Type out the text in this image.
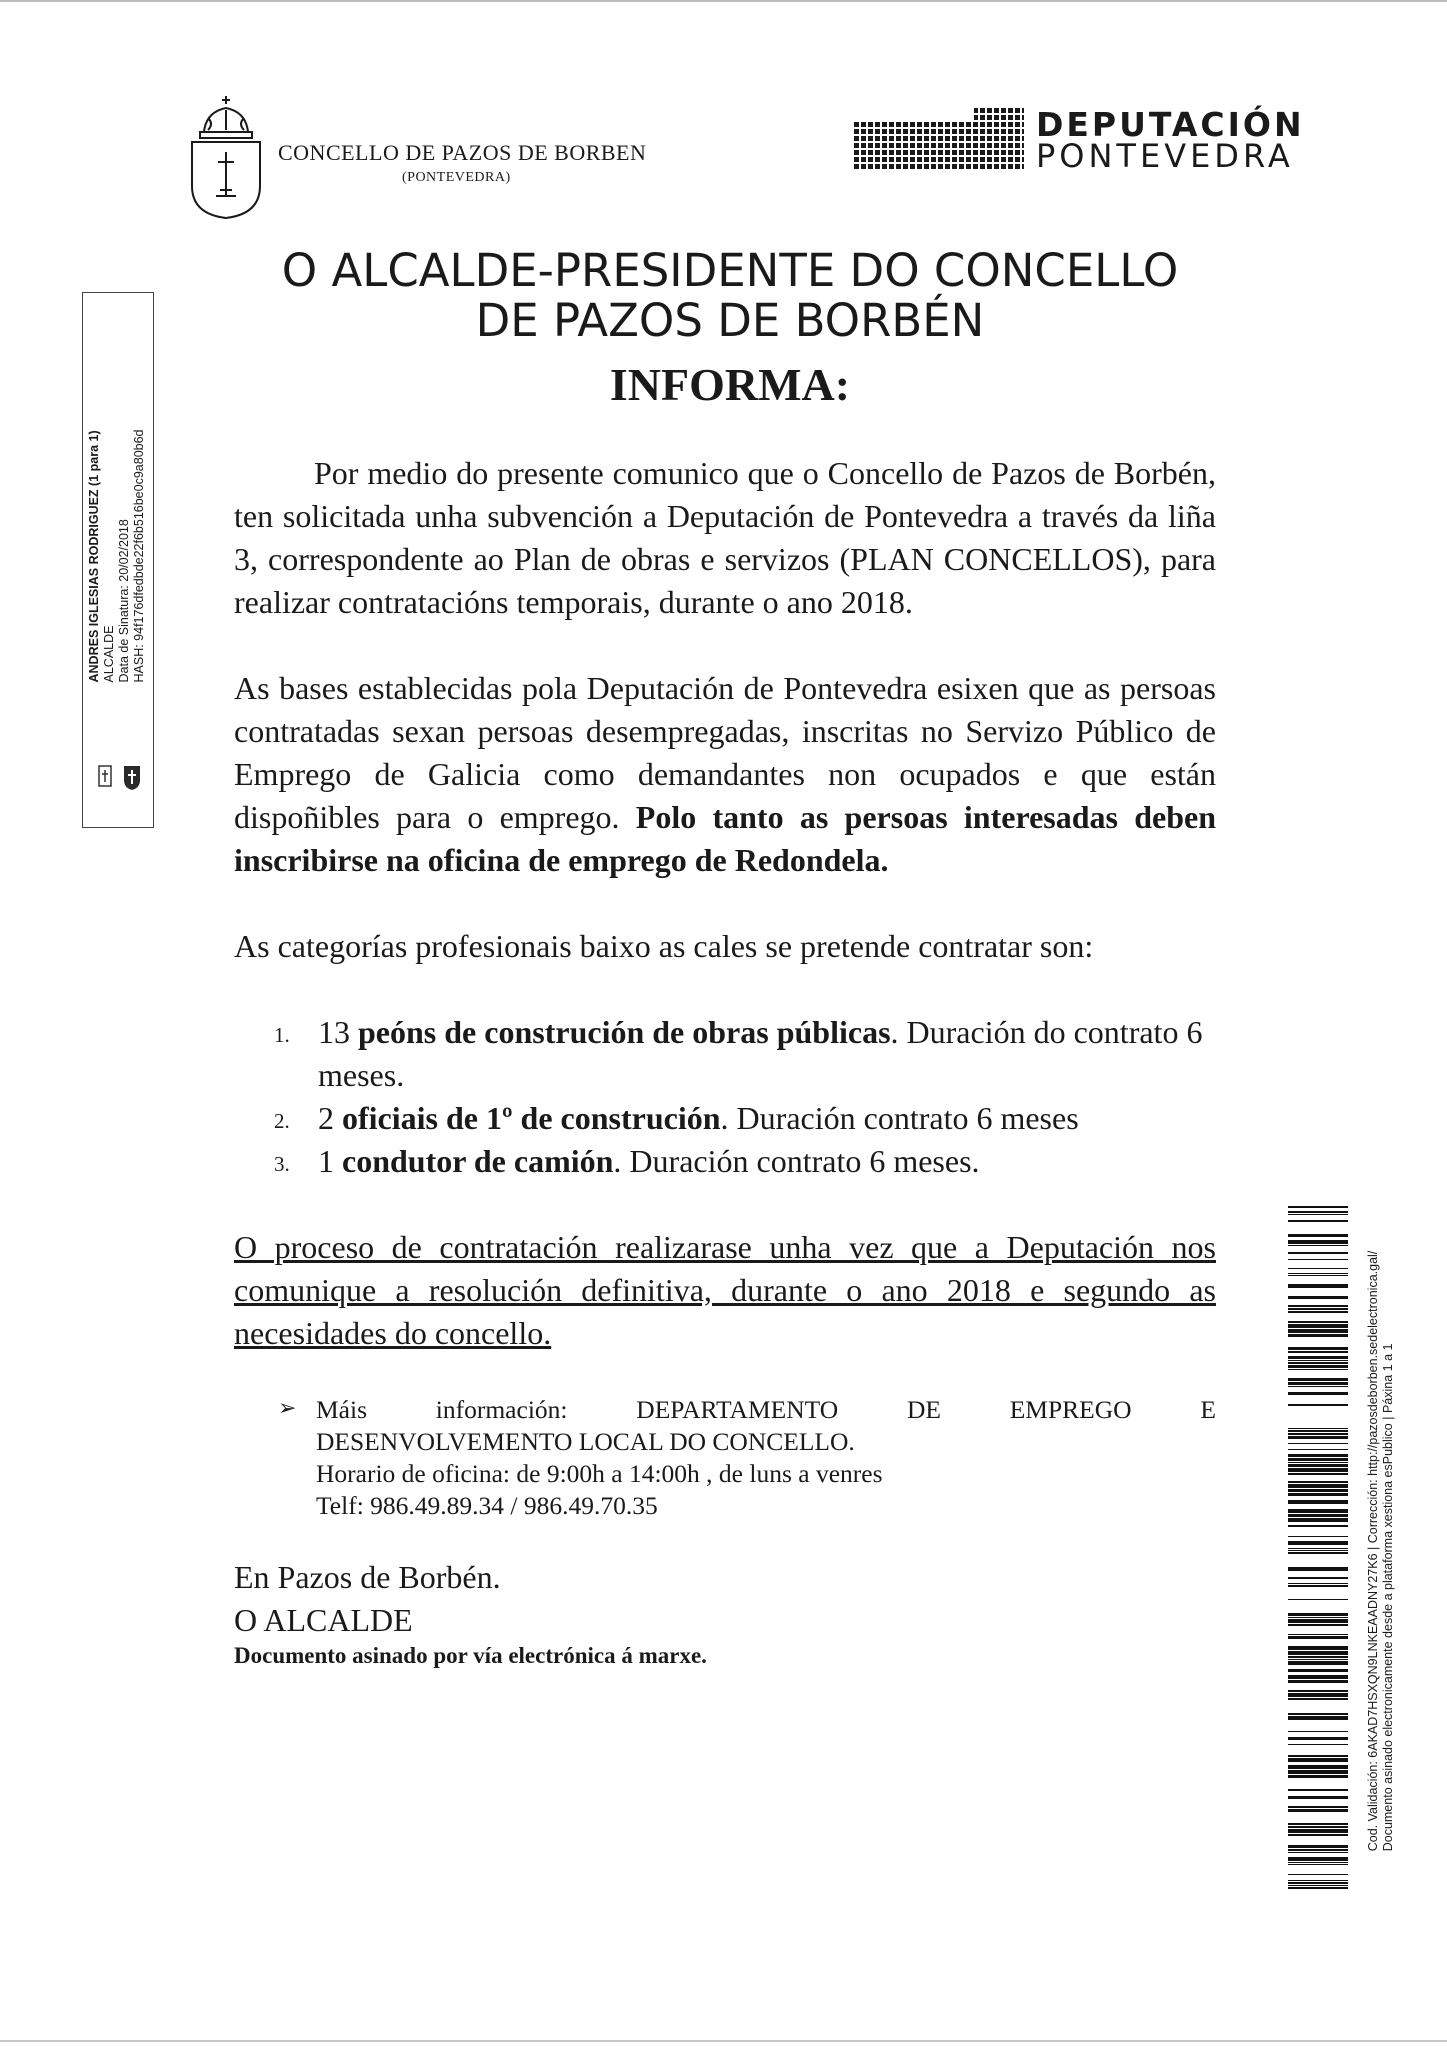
CONCELLO DE PAZOS DE BORBEN
(PONTEVEDRA)
DEPUTACIÓN
PONTEVEDRA
O ALCALDE-PRESIDENTE DO CONCELLO
DE PAZOS DE BORBÉN
INFORMA:
ANDRES IGLESIAS RODRIGUEZ (1 para 1) ALCALDE Data de Sinatura: 20/02/2018 HASH: 94f176dfedbde22f6b516be0c9a80b6d	Por medio do presente comunico que o Concello de Pazos de Borbén, ten solicitada unha subvención a Deputación de Pontevedra a través da liña 3, correspondente ao Plan de obras e servizos (PLAN CONCELLOS), para realizar contratacións temporais, durante o ano 2018.
As bases establecidas pola Deputación de Pontevedra esixen que as persoas contratadas sexan persoas desempregadas, inscritas no Servizo Público de Emprego de Galicia como demandantes non ocupados e que están dispoñibles para o emprego. Polo tanto as persoas interesadas deben inscribirse na oficina de emprego de Redondela.
As categorías profesionais baixo as cales se pretende contratar son:
1. 13 peóns de construción de obras públicas. Duración do contrato 6 meses.
2. 2 oficiais de 1º de construción. Duración contrato 6 meses
3. 1 condutor de camión. Duración contrato 6 meses.
O proceso de contratación realizarase unha vez que a Deputación nos comunique a resolución definitiva, durante o ano 2018 e segundo as necesidades do concello.
➢ Máis	información:	DEPARTAMENTO	DE	EMPREGO	E
DESENVOLVEMENTO LOCAL DO CONCELLO.
Horario de oficina: de 9:00h a 14:00h , de luns a venres
Telf: 986.49.89.34 / 986.49.70.35
En Pazos de Borbén.
O ALCALDE
Documento asinado por vía electrónica á marxe.	Cod. Validación: 6AKAD7HSXQN9LNKEAADNY27K6 | Corrección: http://pazosdeborben.sedelectronica.gal/ Documento asinado electronicamente desde a plataforma xestiona esPublico | Páxina 1 a 1
